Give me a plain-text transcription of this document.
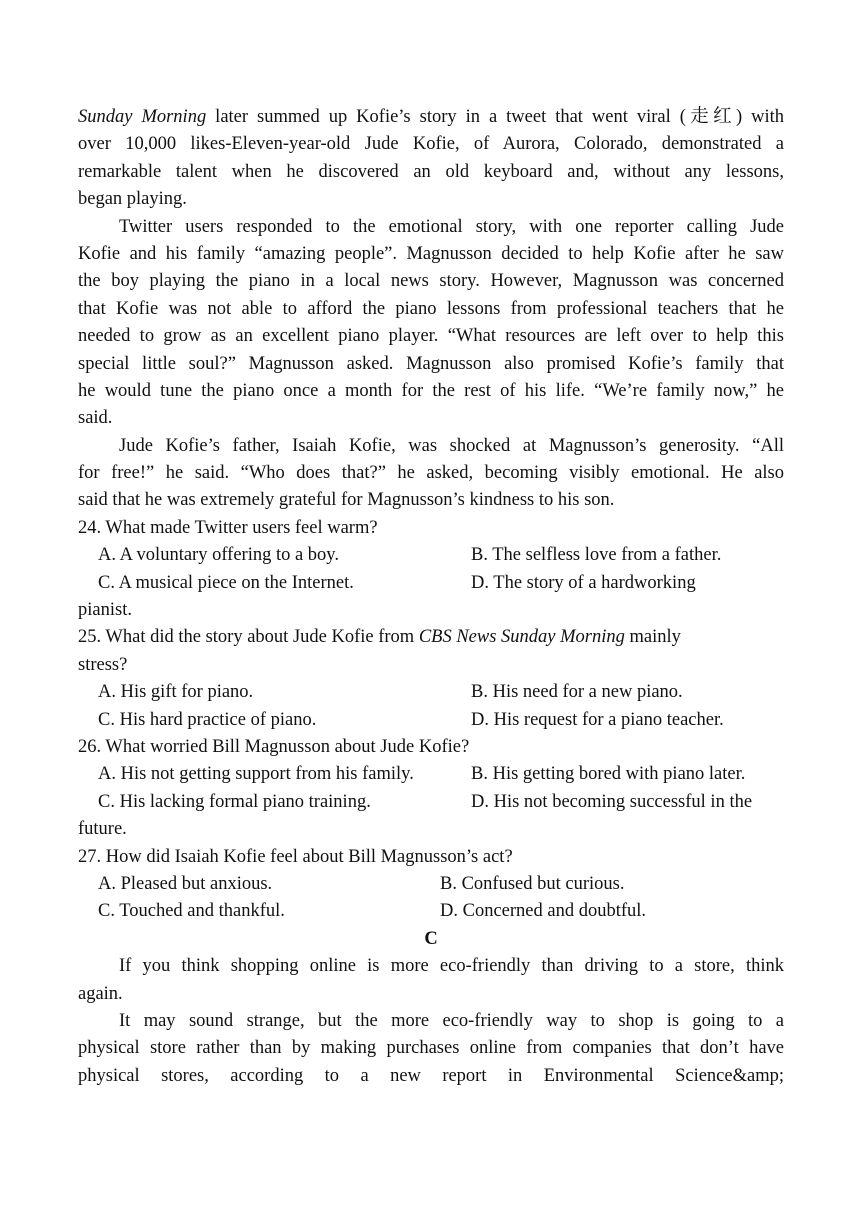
Sunday Morning later summed up Kofie’s story in a tweet that went viral (走红) with
over 10,000 likes-Eleven-year-old Jude Kofie, of Aurora, Colorado, demonstrated a
remarkable talent when he discovered an old keyboard and, without any lessons,
began playing.
Twitter users responded to the emotional story, with one reporter calling Jude
Kofie and his family “amazing people”. Magnusson decided to help Kofie after he saw
the boy playing the piano in a local news story. However, Magnusson was concerned
that Kofie was not able to afford the piano lessons from professional teachers that he
needed to grow as an excellent piano player. “What resources are left over to help this
special little soul?” Magnusson asked. Magnusson also promised Kofie’s family that
he would tune the piano once a month for the rest of his life. “We’re family now,” he
said.
Jude Kofie’s father, Isaiah Kofie, was shocked at Magnusson’s generosity. “All
for free!” he said. “Who does that?” he asked, becoming visibly emotional. He also
said that he was extremely grateful for Magnusson’s kindness to his son.
24. What made Twitter users feel warm?
A. A voluntary offering to a boy.	B. The selfless love from a father.
C. A musical piece on the Internet.	D. The story of a hardworking
pianist.
25. What did the story about Jude Kofie from CBS News Sunday Morning mainly
stress?
A. His gift for piano.	B. His need for a new piano.
C. His hard practice of piano.	D. His request for a piano teacher.
26. What worried Bill Magnusson about Jude Kofie?
A. His not getting support from his family.	B. His getting bored with piano later.
C. His lacking formal piano training.	D. His not becoming successful in the
future.
27. How did Isaiah Kofie feel about Bill Magnusson’s act?
A. Pleased but anxious.	B. Confused but curious.
C. Touched and thankful.	D. Concerned and doubtful.
C
If you think shopping online is more eco-friendly than driving to a store, think
again.
It may sound strange, but the more eco-friendly way to shop is going to a
physical store rather than by making purchases online from companies that don’t have
physical stores, according to a new report in Environmental Science&amp;
